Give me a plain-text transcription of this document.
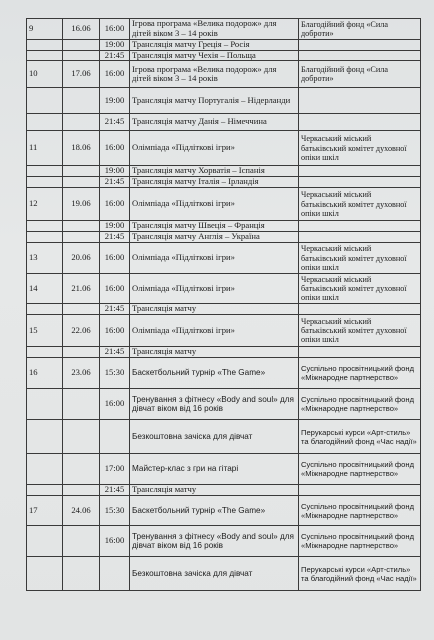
9	16.06	16:00	Ігрова програма «Велика подорож» для дітей віком 3 – 14 років	Благодійний фонд «Сила доброти»
		19:00	Трансляція матчу Греція – Росія	
		21:45	Трансляція матчу Чехія – Польща	
10	17.06	16:00	Ігрова програма «Велика подорож» для дітей віком 3 – 14 років	Благодійний фонд «Сила доброти»
		19:00	Трансляція матчу Португалія – Нідерланди	
		21:45	Трансляція матчу Данія – Німеччина	
11	18.06	16:00	Олімпіада «Підліткові ігри»	Черкаський міський батьківський комітет духовної опіки шкіл
		19:00	Трансляція матчу Хорватія – Іспанія	
		21:45	Трансляція матчу Італія – Ірландія	
12	19.06	16:00	Олімпіада «Підліткові ігри»	Черкаський міський батьківський комітет духовної опіки шкіл
		19:00	Трансляція матчу Швеція – Франція	
		21:45	Трансляція матчу Англія – Україна	
13	20.06	16:00	Олімпіада «Підліткові ігри»	Черкаський міський батьківський комітет духовної опіки шкіл
14	21.06	16:00	Олімпіада «Підліткові ігри»	Черкаський міський батьківський комітет духовної опіки шкіл
		21:45	Трансляція матчу	
15	22.06	16:00	Олімпіада «Підліткові ігри»	Черкаський міський батьківський комітет духовної опіки шкіл
		21:45	Трансляція матчу	
16	23.06	15:30	Баскетбольний турнір «The Game»	Суспільно просвітницький фонд «Міжнародне партнерство»
		16:00	Тренування з фітнесу «Body and soul» для дівчат віком від 16 років	Суспільно просвітницький фонд «Міжнародне партнерство»
			Безкоштовна зачіска для дівчат	Перукарські курси «Арт-стиль» та благодійний фонд «Час надії»
		17:00	Майстер-клас з гри на гітарі	Суспільно просвітницький фонд «Міжнародне партнерство»
		21:45	Трансляція матчу	
17	24.06	15:30	Баскетбольний турнір «The Game»	Суспільно просвітницький фонд «Міжнародне партнерство»
		16:00	Тренування з фітнесу «Body and soul» для дівчат віком від 16 років	Суспільно просвітницький фонд «Міжнародне партнерство»
			Безкоштовна зачіска для дівчат	Перукарські курси «Арт-стиль» та благодійний фонд «Час надії»
